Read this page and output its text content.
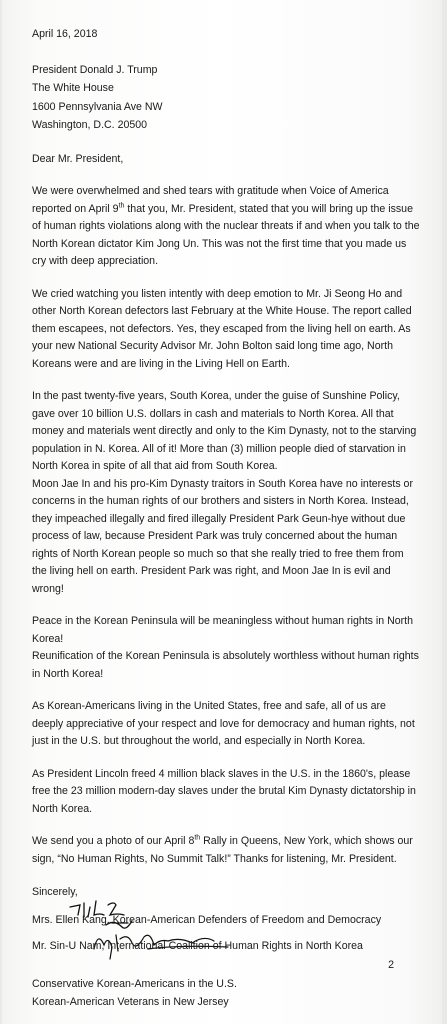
April 16, 2018
President Donald J. Trump
The White House
1600 Pennsylvania Ave NW
Washington, D.C. 20500
Dear Mr. President,
We were overwhelmed and shed tears with gratitude when Voice of America reported on April 9th that you, Mr. President, stated that you will bring up the issue of human rights violations along with the nuclear threats if and when you talk to the North Korean dictator Kim Jong Un. This was not the first time that you made us cry with deep appreciation.
We cried watching you listen intently with deep emotion to Mr. Ji Seong Ho and other North Korean defectors last February at the White House. The report called them escapees, not defectors. Yes, they escaped from the living hell on earth. As your new National Security Advisor Mr. John Bolton said long time ago, North Koreans were and are living in the Living Hell on Earth.
In the past twenty-five years, South Korea, under the guise of Sunshine Policy, gave over 10 billion U.S. dollars in cash and materials to North Korea. All that money and materials went directly and only to the Kim Dynasty, not to the starving population in N. Korea. All of it! More than (3) million people died of starvation in North Korea in spite of all that aid from South Korea.
Moon Jae In and his pro-Kim Dynasty traitors in South Korea have no interests or concerns in the human rights of our brothers and sisters in North Korea. Instead, they impeached illegally and fired illegally President Park Geun-hye without due process of law, because President Park was truly concerned about the human rights of North Korean people so much so that she really tried to free them from the living hell on earth. President Park was right, and Moon Jae In is evil and wrong!
Peace in the Korean Peninsula will be meaningless without human rights in North Korea!
Reunification of the Korean Peninsula is absolutely worthless without human rights in North Korea!
As Korean-Americans living in the United States, free and safe, all of us are deeply appreciative of your respect and love for democracy and human rights, not just in the U.S. but throughout the world, and especially in North Korea.
As President Lincoln freed 4 million black slaves in the U.S. in the 1860's, please free the 23 million modern-day slaves under the brutal Kim Dynasty dictatorship in North Korea.
We send you a photo of our April 8th Rally in Queens, New York, which shows our sign, “No Human Rights, No Summit Talk!” Thanks for listening, Mr. President.
Sincerely,
Mrs. Ellen Kang, Korean-American Defenders of Freedom and Democracy
Mr. Sin-U Nam, International Coalition of Human Rights in North Korea
Conservative Korean-Americans in the U.S.
Korean-American Veterans in New Jersey
2
